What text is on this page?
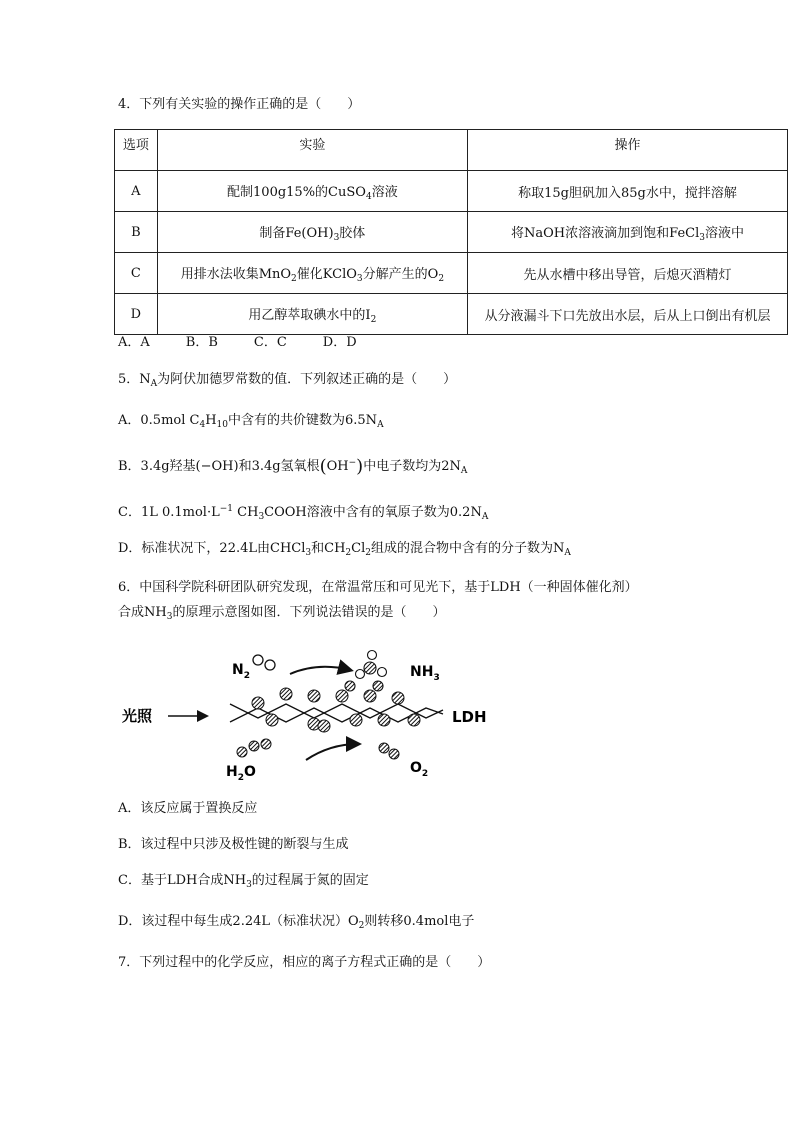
4．下列有关实验的操作正确的是（　　）
选项	实验	操作
A	配制100g15%的CuSO$_4$溶液	称取15g胆矾加入85g水中，搅拌溶解
B	制备$Fe(OH)_3$胶体	将NaOH浓溶液滴加到饱和FeCl$_3$溶液中
C	用排水法收集MnO$_2$催化KClO$_3$分解产生的$O_2$	先从水槽中移出导管，后熄灭酒精灯
D	用乙醇萃取碘水中的$I_2$	从分液漏斗下口先放出水层，后从上口倒出有机层
A．A	B．B	C．C	D．D
5．$N_A$为阿伏加德罗常数的值．下列叙述正确的是（　　）
A．0.5mol $C_4H_{10}$中含有的共价键数为$6.5N_A$
B．3.4g羟基(−OH)和3.4g氢氧根(OH−)中电子数均为$2N_A$
C．1L $0.1mol\cdot L^{-1}$ $CH_3COOH$溶液中含有的氧原子数为$0.2N_A$
D．标准状况下，22.4L由CHCl$_3$和$CH_2Cl_2$组成的混合物中含有的分子数为$N_A$
6．中国科学院科研团队研究发现，在常温常压和可见光下，基于LDH（一种固体催化剂）
合成$NH_3$的原理示意图如图．下列说法错误的是（　　）
光照	LDH
$N_2$	$NH_3$
$H_2O$	$O_2$
A．该反应属于置换反应
B．该过程中只涉及极性键的断裂与生成
C．基于LDH合成$NH_3$的过程属于氮的固定
D．该过程中每生成2.24L（标准状况）$O_2$则转移0.4mol电子
7．下列过程中的化学反应，相应的离子方程式正确的是（　　）
